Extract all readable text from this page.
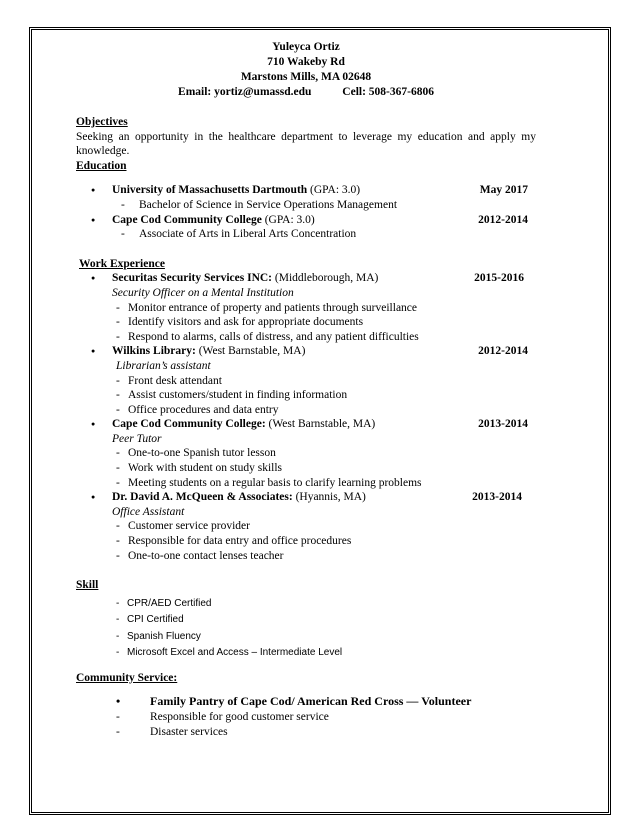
Yuleyca Ortiz
710 Wakeby Rd
Marstons Mills, MA 02648
Email: yortiz@umassd.edu	Cell: 508-367-6806
Objectives

Seeking an opportunity in the healthcare department to leverage my education and apply my knowledge.

Education
● University of Massachusetts Dartmouth (GPA: 3.0)	May 2017
- Bachelor of Science in Service Operations Management
● Cape Cod Community College (GPA: 3.0)	2012-2014
- Associate of Arts in Liberal Arts Concentration
Work Experience
● Securitas Security Services INC: (Middleborough, MA)	2015-2016
Security Officer on a Mental Institution
- Monitor entrance of property and patients through surveillance
- Identify visitors and ask for appropriate documents
- Respond to alarms, calls of distress, and any patient difficulties
● Wilkins Library: (West Barnstable, MA)	2012-2014
Librarian’s assistant
- Front desk attendant
- Assist customers/student in finding information
- Office procedures and data entry
● Cape Cod Community College: (West Barnstable, MA)	2013-2014
Peer Tutor
- One-to-one Spanish tutor lesson
- Work with student on study skills
- Meeting students on a regular basis to clarify learning problems
● Dr. David A. McQueen & Associates: (Hyannis, MA)	2013-2014
Office Assistant
- Customer service provider
- Responsible for data entry and office procedures
- One-to-one contact lenses teacher
Skill
- CPR/AED Certified
- CPI Certified
- Spanish Fluency
- Microsoft Excel and Access – Intermediate Level
Community Service:
• Family Pantry of Cape Cod/ American Red Cross — Volunteer
- Responsible for good customer service
- Disaster services
